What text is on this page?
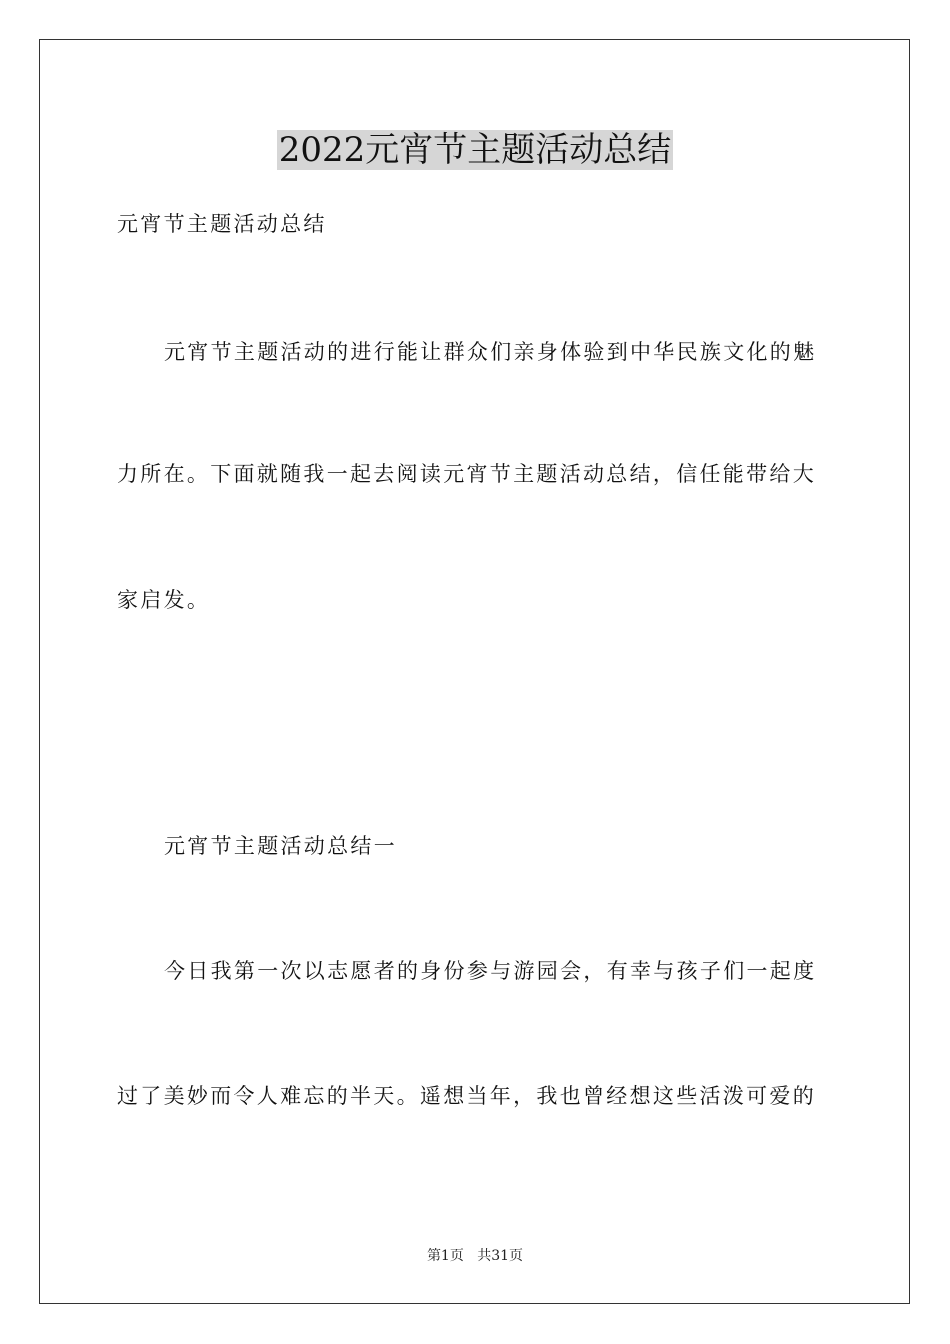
2022元宵节主题活动总结
元宵节主题活动总结
元宵节主题活动的进行能让群众们亲身体验到中华民族文化的魅
力所在。下面就随我一起去阅读元宵节主题活动总结，信任能带给大
家启发。
元宵节主题活动总结一
今日我第一次以志愿者的身份参与游园会，有幸与孩子们一起度
过了美妙而令人难忘的半天。遥想当年，我也曾经想这些活泼可爱的
第1页 共31页
